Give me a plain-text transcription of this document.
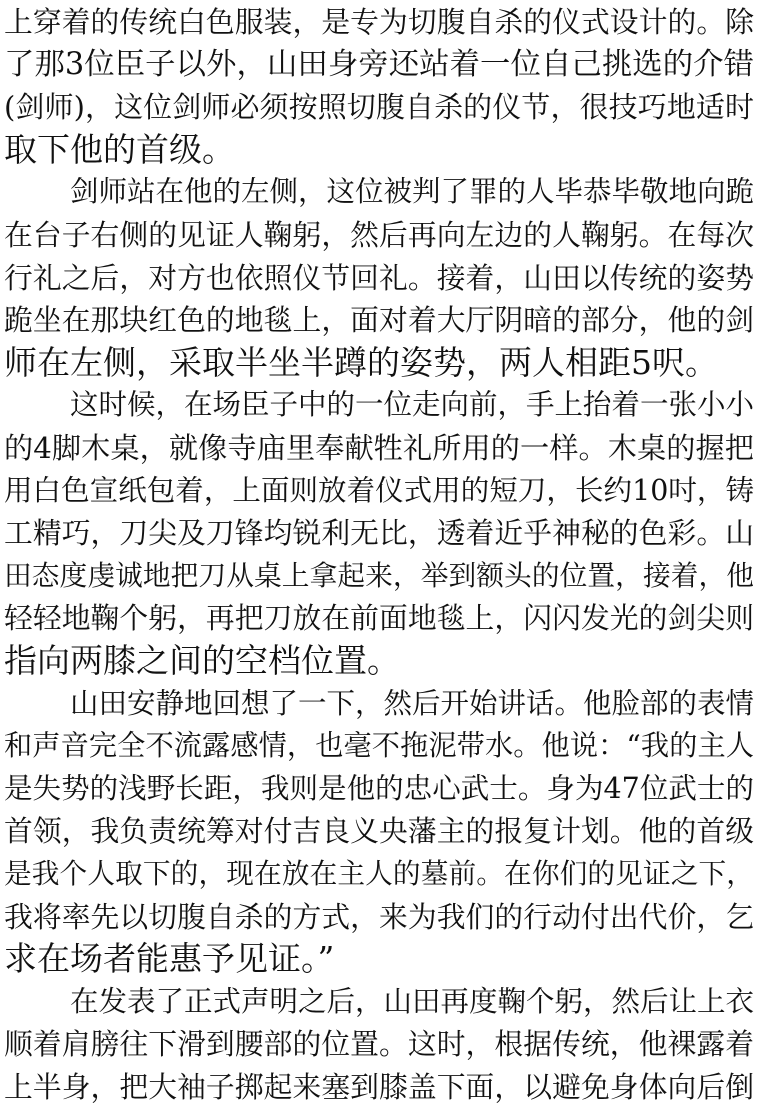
上穿着的传统白色服装，是专为切腹自杀的仪式设计的。除
了那3位臣子以外，山田身旁还站着一位自己挑选的介错
(剑师)，这位剑师必须按照切腹自杀的仪节，很技巧地适时
取下他的首级。
剑师站在他的左侧，这位被判了罪的人毕恭毕敬地向跪
在台子右侧的见证人鞠躬，然后再向左边的人鞠躬。在每次
行礼之后，对方也依照仪节回礼。接着，山田以传统的姿势
跪坐在那块红色的地毯上，面对着大厅阴暗的部分，他的剑
师在左侧，采取半坐半蹲的姿势，两人相距5呎。
这时候，在场臣子中的一位走向前，手上抬着一张小小
的4脚木桌，就像寺庙里奉献牲礼所用的一样。木桌的握把
用白色宣纸包着，上面则放着仪式用的短刀，长约10吋，铸
工精巧，刀尖及刀锋均锐利无比，透着近乎神秘的色彩。山
田态度虔诚地把刀从桌上拿起来，举到额头的位置，接着，他
轻轻地鞠个躬，再把刀放在前面地毯上，闪闪发光的剑尖则
指向两膝之间的空档位置。
山田安静地回想了一下，然后开始讲话。他脸部的表情
和声音完全不流露感情，也毫不拖泥带水。他说：“我的主人
是失势的浅野长距，我则是他的忠心武士。身为47位武士的
首领，我负责统筹对付吉良义央藩主的报复计划。他的首级
是我个人取下的，现在放在主人的墓前。在你们的见证之下，
我将率先以切腹自杀的方式，来为我们的行动付出代价，乞
求在场者能惠予见证。”
在发表了正式声明之后，山田再度鞠个躬，然后让上衣
顺着肩膀往下滑到腰部的位置。这时，根据传统，他裸露着
上半身，把大袖子掷起来塞到膝盖下面，以避免身体向后倒
